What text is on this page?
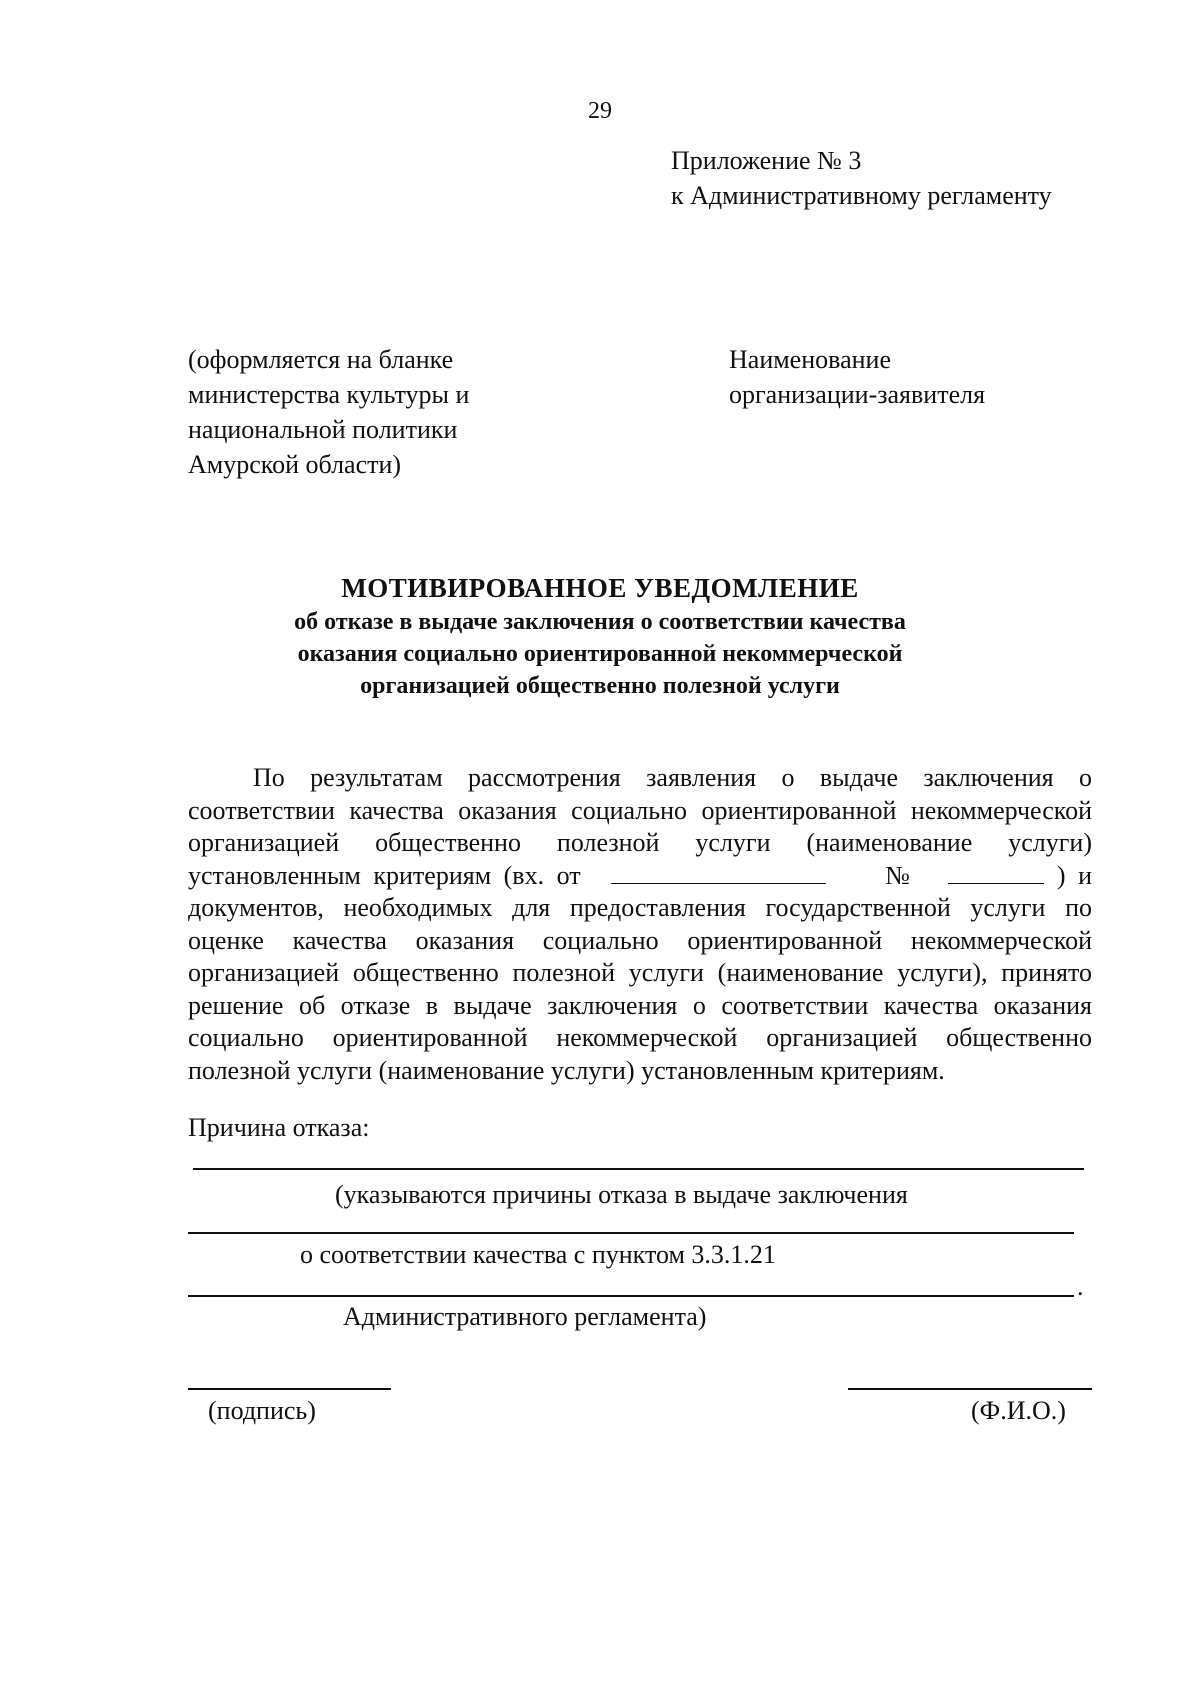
29
Приложение № 3
к Административному регламенту
(оформляется на бланке
министерства культуры и
национальной политики
Амурской области)
Наименование
организации-заявителя
МОТИВИРОВАННОЕ УВЕДОМЛЕНИЕ
об отказе в выдаче заключения о соответствии качества
оказания социально ориентированной некоммерческой
организацией общественно полезной услуги
По результатам рассмотрения заявления о выдаче заключения о соответствии качества оказания социально ориентированной некоммерческой организацией общественно полезной услуги (наименование услуги) установленным критериям (вх. от	№	) и документов, необходимых для предоставления государственной услуги по оценке качества оказания социально ориентированной некоммерческой организацией общественно полезной услуги (наименование услуги), принято решение об отказе в выдаче заключения о соответствии качества оказания социально ориентированной некоммерческой организацией общественно полезной услуги (наименование услуги) установленным критериям.
Причина отказа:
(указываются причины отказа в выдаче заключения
о соответствии качества с пунктом 3.3.1.21
.
Административного регламента)
(подпись)	(Ф.И.О.)
